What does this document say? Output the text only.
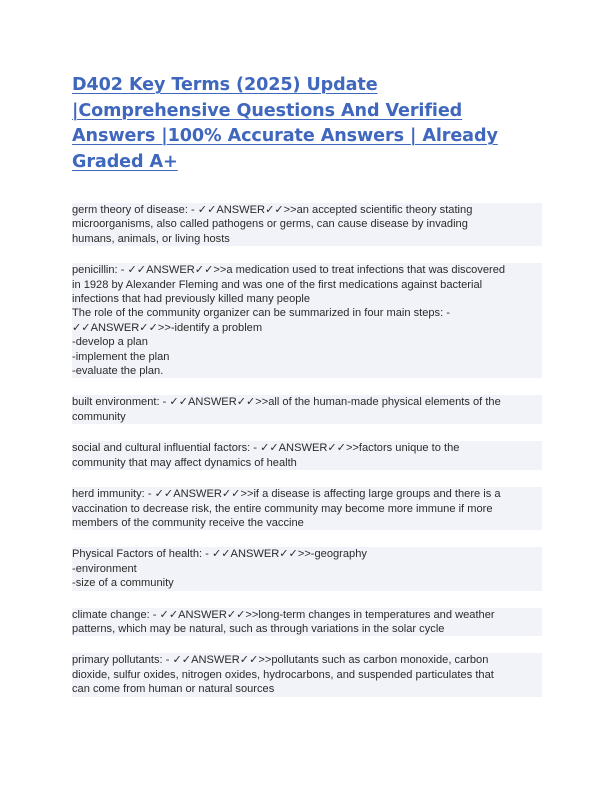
D402 Key Terms (2025) Update |Comprehensive Questions And Verified Answers |100% Accurate Answers | Already Graded A+
germ theory of disease: - ✓✓ANSWER✓✓>>an accepted scientific theory stating
microorganisms, also called pathogens or germs, can cause disease by invading
humans, animals, or living hosts
penicillin: - ✓✓ANSWER✓✓>>a medication used to treat infections that was discovered
in 1928 by Alexander Fleming and was one of the first medications against bacterial
infections that had previously killed many people
The role of the community organizer can be summarized in four main steps: -
✓✓ANSWER✓✓>>-identify a problem
-develop a plan
-implement the plan
-evaluate the plan.
built environment: - ✓✓ANSWER✓✓>>all of the human-made physical elements of the
community
social and cultural influential factors: - ✓✓ANSWER✓✓>>factors unique to the
community that may affect dynamics of health
herd immunity: - ✓✓ANSWER✓✓>>if a disease is affecting large groups and there is a
vaccination to decrease risk, the entire community may become more immune if more
members of the community receive the vaccine
Physical Factors of health: - ✓✓ANSWER✓✓>>-geography
-environment
-size of a community
climate change: - ✓✓ANSWER✓✓>>long-term changes in temperatures and weather
patterns, which may be natural, such as through variations in the solar cycle
primary pollutants: - ✓✓ANSWER✓✓>>pollutants such as carbon monoxide, carbon
dioxide, sulfur oxides, nitrogen oxides, hydrocarbons, and suspended particulates that
can come from human or natural sources
